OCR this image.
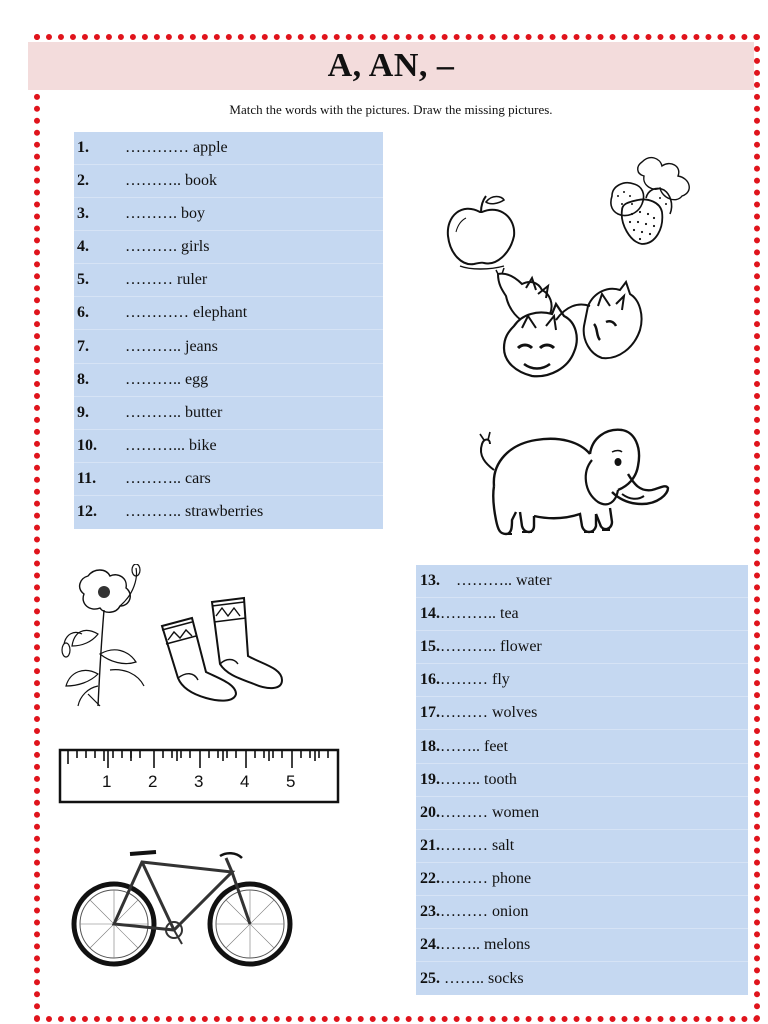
A, AN, –
Match the words with the pictures. Draw the missing pictures.
1.	………… apple
2.	……….. book
3.	………. boy
4.	………. girls
5.	……… ruler
6.	………… elephant
7.	……….. jeans
8.	……….. egg
9.	……….. butter
10.	………... bike
11.	……….. cars
12.	……….. strawberries
13. ……….. water
14. ……….. tea
15. ……….. flower
16. ……… fly
17. ……… wolves
18. …….. feet
19. …….. tooth
20. ……… women
21. ……… salt
22. ……… phone
23. ……… onion
24. …….. melons
25. …….. socks
1 2 3 4 5
